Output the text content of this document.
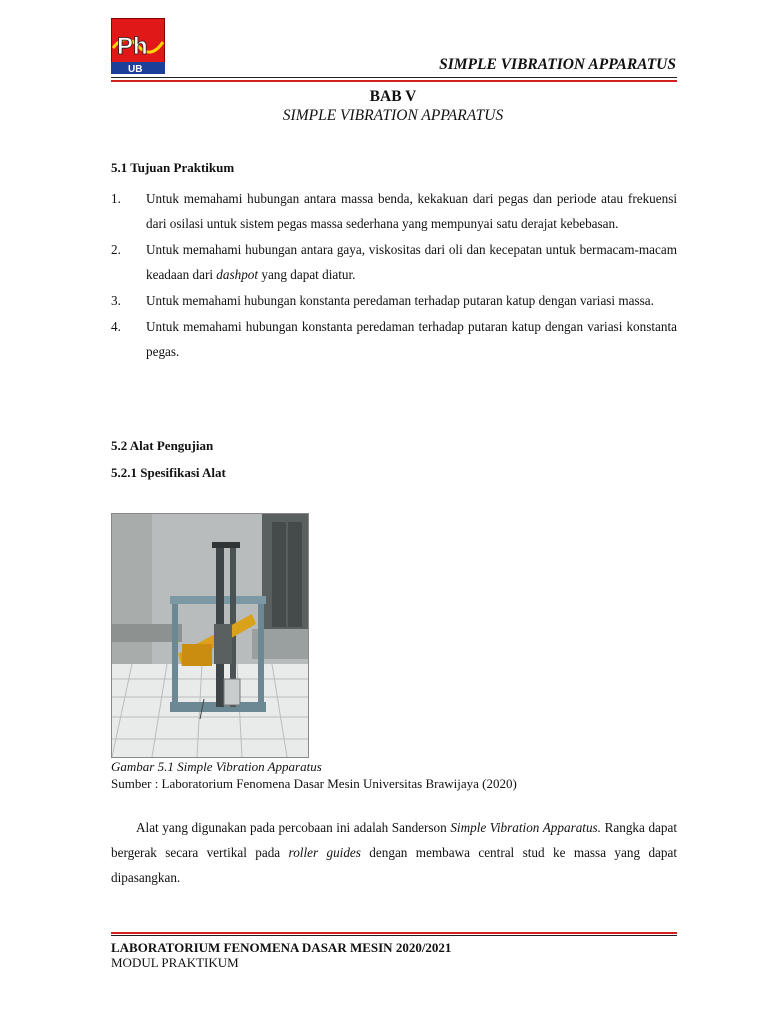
Ph
UB	SIMPLE VIBRATION APPARATUS
BAB V
SIMPLE VIBRATION APPARATUS
5.1 Tujuan Praktikum
1. Untuk memahami hubungan antara massa benda, kekakuan dari pegas dan periode atau frekuensi dari osilasi untuk sistem pegas massa sederhana yang mempunyai satu derajat kebebasan.
2. Untuk memahami hubungan antara gaya, viskositas dari oli dan kecepatan untuk bermacam-macam keadaan dari dashpot yang dapat diatur.
3. Untuk memahami hubungan konstanta peredaman terhadap putaran katup dengan variasi massa.
4. Untuk memahami hubungan konstanta peredaman terhadap putaran katup dengan variasi konstanta pegas.
5.2 Alat Pengujian
5.2.1 Spesifikasi Alat
Gambar 5.1 Simple Vibration Apparatus
Sumber : Laboratorium Fenomena Dasar Mesin Universitas Brawijaya (2020)

Alat yang digunakan pada percobaan ini adalah Sanderson Simple Vibration Apparatus. Rangka dapat bergerak secara vertikal pada roller guides dengan membawa central stud ke massa yang dapat dipasangkan.

LABORATORIUM FENOMENA DASAR MESIN 2020/2021
MODUL PRAKTIKUM
